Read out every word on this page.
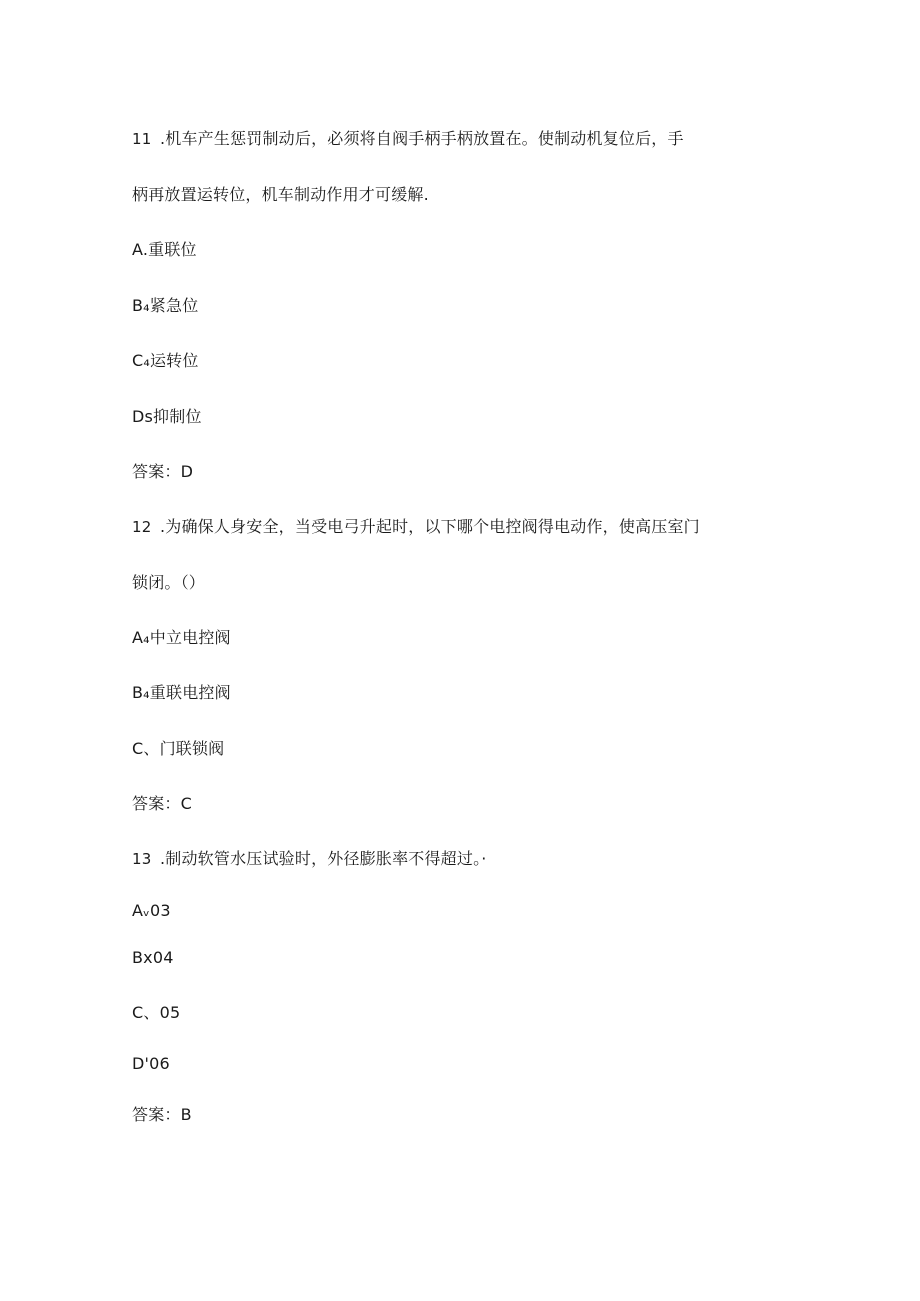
11 .机车产生惩罚制动后，必须将自阀手柄手柄放置在。使制动机复位后，手
柄再放置运转位，机车制动作用才可缓解.
A.重联位
B₄紧急位
C₄运转位
Ds抑制位
答案：D
12 .为确保人身安全，当受电弓升起时，以下哪个电控阀得电动作，使高压室门
锁闭。（）
A₄中立电控阀
B₄重联电控阀
C、门联锁阀
答案：C
13 .制动软管水压试验时，外径膨胀率不得超过。·
Aᵥ03
Bx04
C、05
D'06
答案：B
